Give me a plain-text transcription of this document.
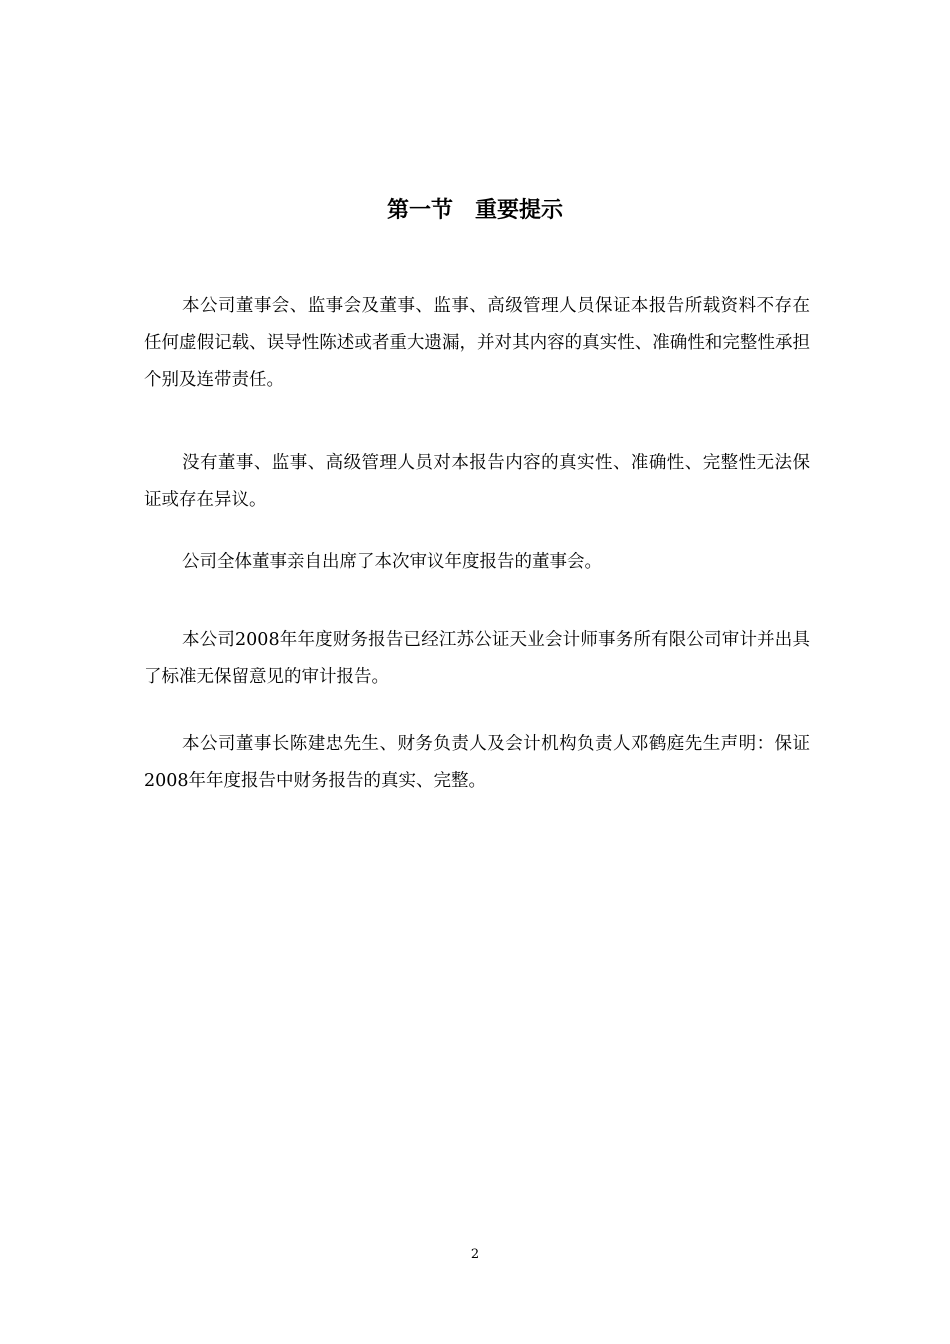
第一节　重要提示

本公司董事会、监事会及董事、监事、高级管理人员保证本报告所载资料不存在任何虚假记载、误导性陈述或者重大遗漏，并对其内容的真实性、准确性和完整性承担个别及连带责任。

没有董事、监事、高级管理人员对本报告内容的真实性、准确性、完整性无法保证或存在异议。

公司全体董事亲自出席了本次审议年度报告的董事会。

本公司2008年年度财务报告已经江苏公证天业会计师事务所有限公司审计并出具了标准无保留意见的审计报告。

本公司董事长陈建忠先生、财务负责人及会计机构负责人邓鹤庭先生声明：保证2008年年度报告中财务报告的真实、完整。

2
